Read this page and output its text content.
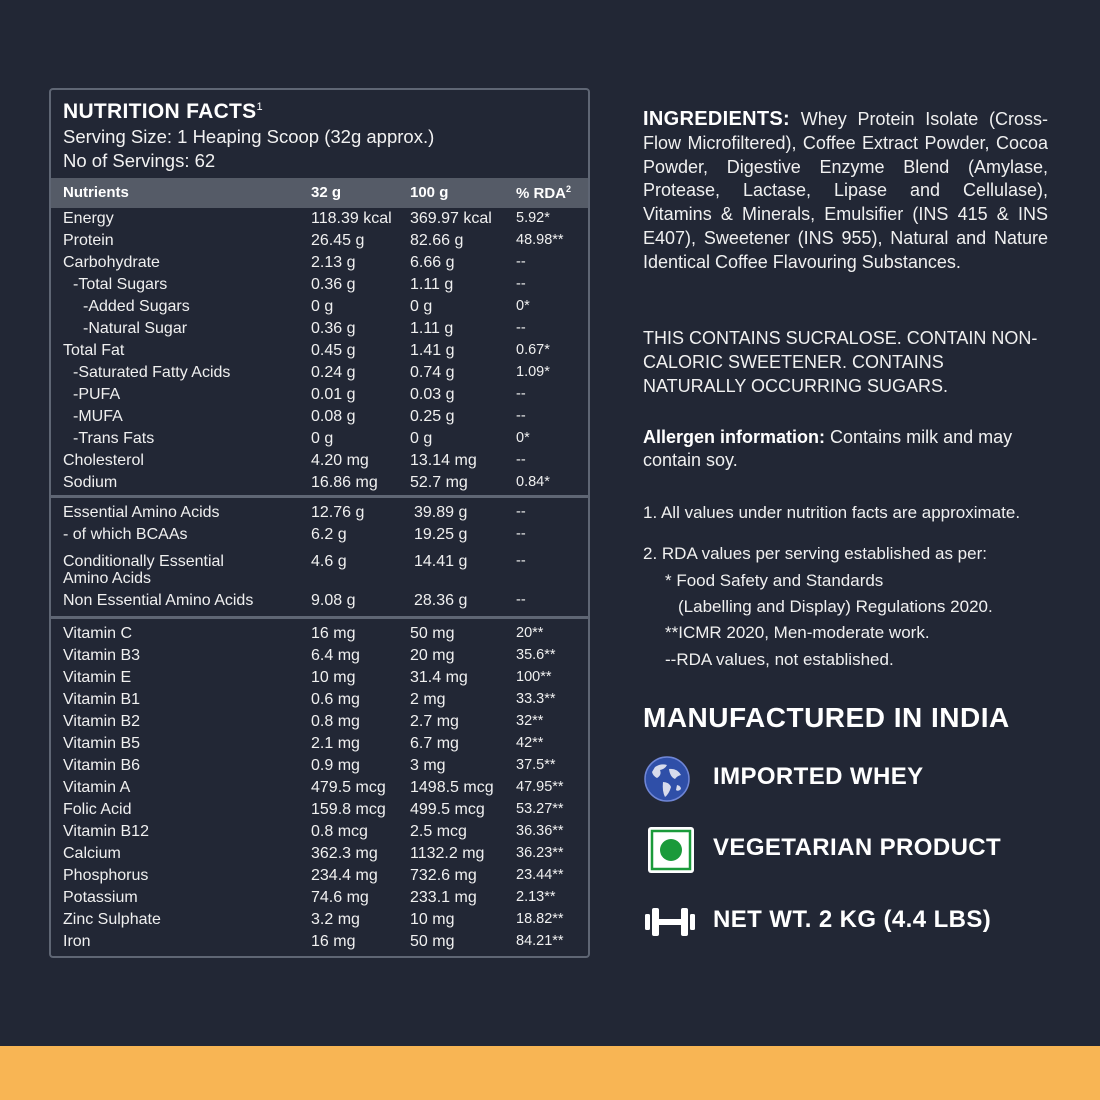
NUTRITION FACTS$^1$
Serving Size: 1 Heaping Scoop (32g approx.)
No of Servings: 62
Nutrients	32 g	100 g	% RDA$^2$
Energy	118.39 kcal 369.97 kcal 5.92*
Protein	26.45 g	82.66 g	48.98**
Carbohydrate	2.13 g	6.66 g	--
-Total Sugars	0.36 g	1.11 g	--
-Added Sugars	0 g	0 g	0*
-Natural Sugar	0.36 g	1.11 g	--
Total Fat	0.45 g	1.41 g	0.67*
-Saturated Fatty Acids	0.24 g	0.74 g	1.09*
-PUFA	0.01 g	0.03 g	--
-MUFA	0.08 g	0.25 g	--
-Trans Fats	0 g	0 g	0*
Cholesterol	4.20 mg	13.14 mg	--
Sodium	16.86 mg 52.7 mg	0.84*
Essential Amino Acids	12.76 g	39.89 g	--
- of which BCAAs	6.2 g	19.25 g	--
Conditionally Essential	4.6 g	14.41 g	--
Amino Acids
Non Essential Amino Acids	9.08 g	28.36 g	--
Vitamin C	16 mg	50 mg	20**
Vitamin B3	6.4 mg	20 mg	35.6**
Vitamin E	10 mg	31.4 mg	100**
Vitamin B1	0.6 mg	2 mg	33.3**
Vitamin B2	0.8 mg	2.7 mg	32**
Vitamin B5	2.1 mg	6.7 mg	42**
Vitamin B6	0.9 mg	3 mg	37.5**
Vitamin A	479.5 mcg 1498.5 mcg 47.95**
Folic Acid	159.8 mcg 499.5 mcg 53.27**
Vitamin B12	0.8 mcg	2.5 mcg	36.36**
Calcium	362.3 mg 1132.2 mg 36.23**
Phosphorus	234.4 mg 732.6 mg	23.44**
Potassium	74.6 mg	233.1 mg	2.13**
Zinc Sulphate	3.2 mg	10 mg	18.82**
Iron	16 mg	50 mg	84.21**
INGREDIENTS: Whey Protein Isolate (Cross-Flow Microfiltered), Coffee Extract Powder, Cocoa Powder, Digestive Enzyme Blend (Amylase, Protease, Lactase, Lipase and Cellulase), Vitamins & Minerals, Emulsifier (INS 415 & INS E407), Sweetener (INS 955), Natural and Nature Identical Coffee Flavouring Substances.
THIS CONTAINS SUCRALOSE. CONTAIN NON-CALORIC SWEETENER. CONTAINS NATURALLY OCCURRING SUGARS.
Allergen information: Contains milk and may contain soy.
1. All values under nutrition facts are approximate.
2. RDA values per serving established as per:
* Food Safety and Standards
(Labelling and Display) Regulations 2020.
**ICMR 2020, Men-moderate work.
--RDA values, not established.
MANUFACTURED IN INDIA
IMPORTED WHEY
VEGETARIAN PRODUCT
NET WT. 2 KG (4.4 LBS)
